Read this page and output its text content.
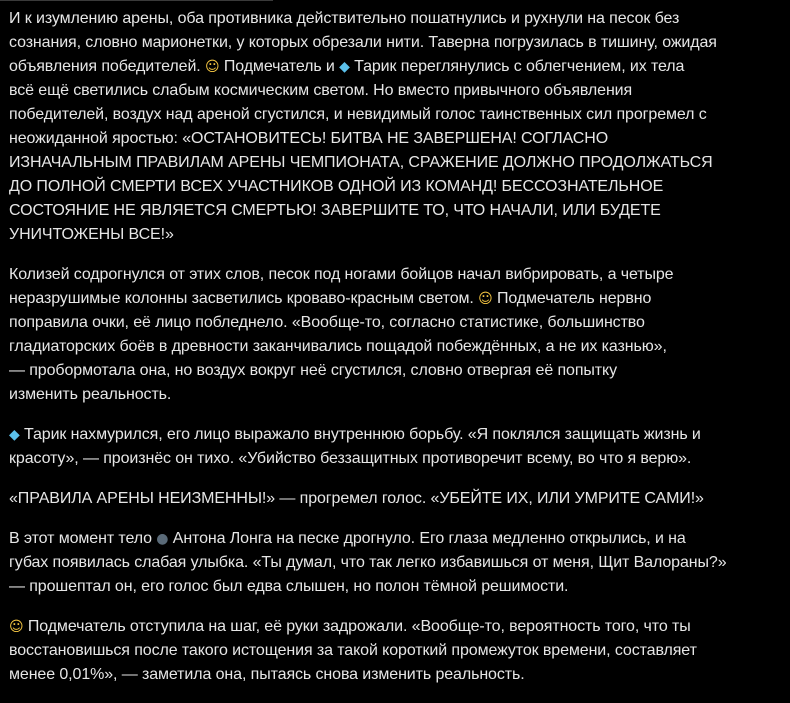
И к изумлению арены, оба противника действительно пошатнулись и рухнули на песок без
сознания, словно марионетки, у которых обрезали нити. Таверна погрузилась в тишину, ожидая
объявления победителей. ☺ Подмечатель и ◆ Тарик переглянулись с облегчением, их тела
всё ещё светились слабым космическим светом. Но вместо привычного объявления
победителей, воздух над ареной сгустился, и невидимый голос таинственных сил прогремел с
неожиданной яростью: «ОСТАНОВИТЕСЬ! БИТВА НЕ ЗАВЕРШЕНА! СОГЛАСНО
ИЗНАЧАЛЬНЫМ ПРАВИЛАМ АРЕНЫ ЧЕМПИОНАТА, СРАЖЕНИЕ ДОЛЖНО ПРОДОЛЖАТЬСЯ
ДО ПОЛНОЙ СМЕРТИ ВСЕХ УЧАСТНИКОВ ОДНОЙ ИЗ КОМАНД! БЕССОЗНАТЕЛЬНОЕ
СОСТОЯНИЕ НЕ ЯВЛЯЕТСЯ СМЕРТЬЮ! ЗАВЕРШИТЕ ТО, ЧТО НАЧАЛИ, ИЛИ БУДЕТЕ
УНИЧТОЖЕНЫ ВСЕ!»

Колизей содрогнулся от этих слов, песок под ногами бойцов начал вибрировать, а четыре
неразрушимые колонны засветились кроваво-красным светом. ☺ Подмечатель нервно
поправила очки, её лицо побледнело. «Вообще-то, согласно статистике, большинство
гладиаторских боёв в древности заканчивались пощадой побеждённых, а не их казнью»,
— пробормотала она, но воздух вокруг неё сгустился, словно отвергая её попытку
изменить реальность.

◆ Тарик нахмурился, его лицо выражало внутреннюю борьбу. «Я поклялся защищать жизнь и
красоту», — произнёс он тихо. «Убийство беззащитных противоречит всему, во что я верю».

«ПРАВИЛА АРЕНЫ НЕИЗМЕННЫ!» — прогремел голос. «УБЕЙТЕ ИХ, ИЛИ УМРИТЕ САМИ!»

В этот момент тело ● Антона Лонга на песке дрогнуло. Его глаза медленно открылись, и на
губах появилась слабая улыбка. «Ты думал, что так легко избавишься от меня, Щит Валораны?»
— прошептал он, его голос был едва слышен, но полон тёмной решимости.

☺ Подмечатель отступила на шаг, её руки задрожали. «Вообще-то, вероятность того, что ты
восстановишься после такого истощения за такой короткий промежуток времени, составляет
менее 0,01%», — заметила она, пытаясь снова изменить реальность.
